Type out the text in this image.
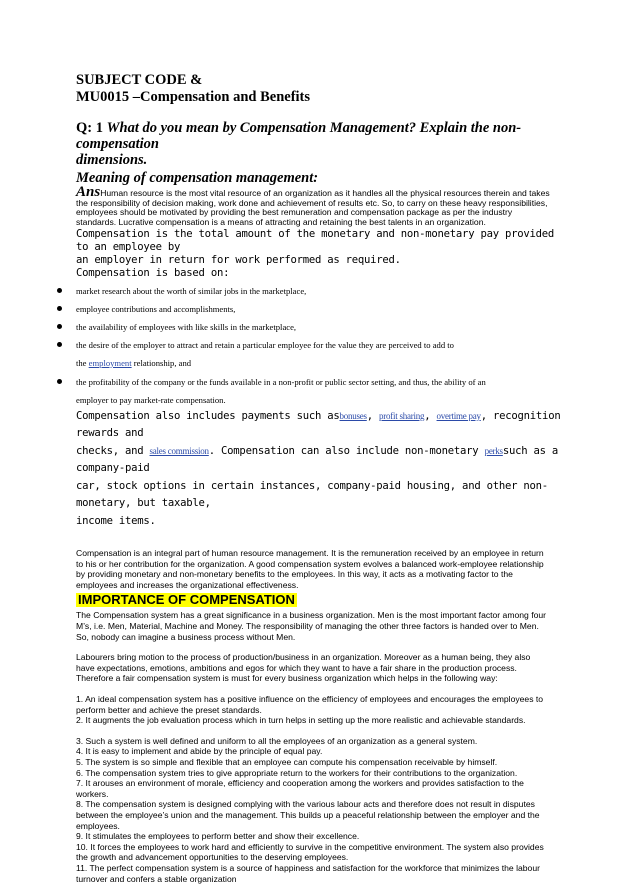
SUBJECT CODE &

MU0015 –Compensation and Benefits

Q: 1 What do you mean by Compensation Management? Explain the non-compensation
dimensions.

Meaning of compensation management:

AnsHuman resource is the most vital resource of an organization as it handles all the physical resources therein and takes
the responsibility of decision making, work done and achievement of results etc. So, to carry on these heavy responsibilities,
employees should be motivated by providing the best remuneration and compensation package as per the industry
standards. Lucrative compensation is a means of attracting and retaining the best talents in an organization.

Compensation is the total amount of the monetary and non-monetary pay provided to an employee by

an employer in return for work performed as required.

Compensation is based on:

market research about the worth of similar jobs in the marketplace,
employee contributions and accomplishments,
the availability of employees with like skills in the marketplace,
the desire of the employer to attract and retain a particular employee for the value they are perceived to add to
the employment relationship, and
the profitability of the company or the funds available in a non-profit or public sector setting, and thus, the ability of an
employer to pay market-rate compensation.

Compensation also includes payments such asbonuses, profit sharing, overtime pay, recognition rewards and

checks, and sales commission. Compensation can also include non-monetary perkssuch as a company-paid

car, stock options in certain instances, company-paid housing, and other non-monetary, but taxable,

income items.

Compensation is an integral part of human resource management. It is the remuneration received by an employee in return

to his or her contribution for the organization. A good compensation system evolves a balanced work-employee relationship

by providing monetary and non-monetary benefits to the employees. In this way, it acts as a motivating factor to the

employees and increases the organizational effectiveness.

IMPORTANCE OF COMPENSATION

The Compensation system has a great significance in a business organization. Men is the most important factor among four

M’s, i.e. Men, Material, Machine and Money. The responsibility of managing the other three factors is handed over to Men.

So, nobody can imagine a business process without Men.

Labourers bring motion to the process of production/business in an organization. Moreover as a human being, they also

have expectations, emotions, ambitions and egos for which they want to have a fair share in the production process.

Therefore a fair compensation system is must for every business organization which helps in the following way:

1. An ideal compensation system has a positive influence on the efficiency of employees and encourages the employees to

perform better and achieve the preset standards.

2. It augments the job evaluation process which in turn helps in setting up the more realistic and achievable standards.

3. Such a system is well defined and uniform to all the employees of an organization as a general system.

4. It is easy to implement and abide by the principle of equal pay.

5. The system is so simple and flexible that an employee can compute his compensation receivable by himself.

6. The compensation system tries to give appropriate return to the workers for their contributions to the organization.

7. It arouses an environment of morale, efficiency and cooperation among the workers and provides satisfaction to the

workers.

8. The compensation system is designed complying with the various labour acts and therefore does not result in disputes

between the employee’s union and the management. This builds up a peaceful relationship between the employer and the

employees.

9. It stimulates the employees to perform better and show their excellence.

10. It forces the employees to work hard and efficiently to survive in the competitive environment. The system also provides

the growth and advancement opportunities to the deserving employees.

11. The perfect compensation system is a source of happiness and satisfaction for the workforce that minimizes the labour

turnover and confers a stable organization
